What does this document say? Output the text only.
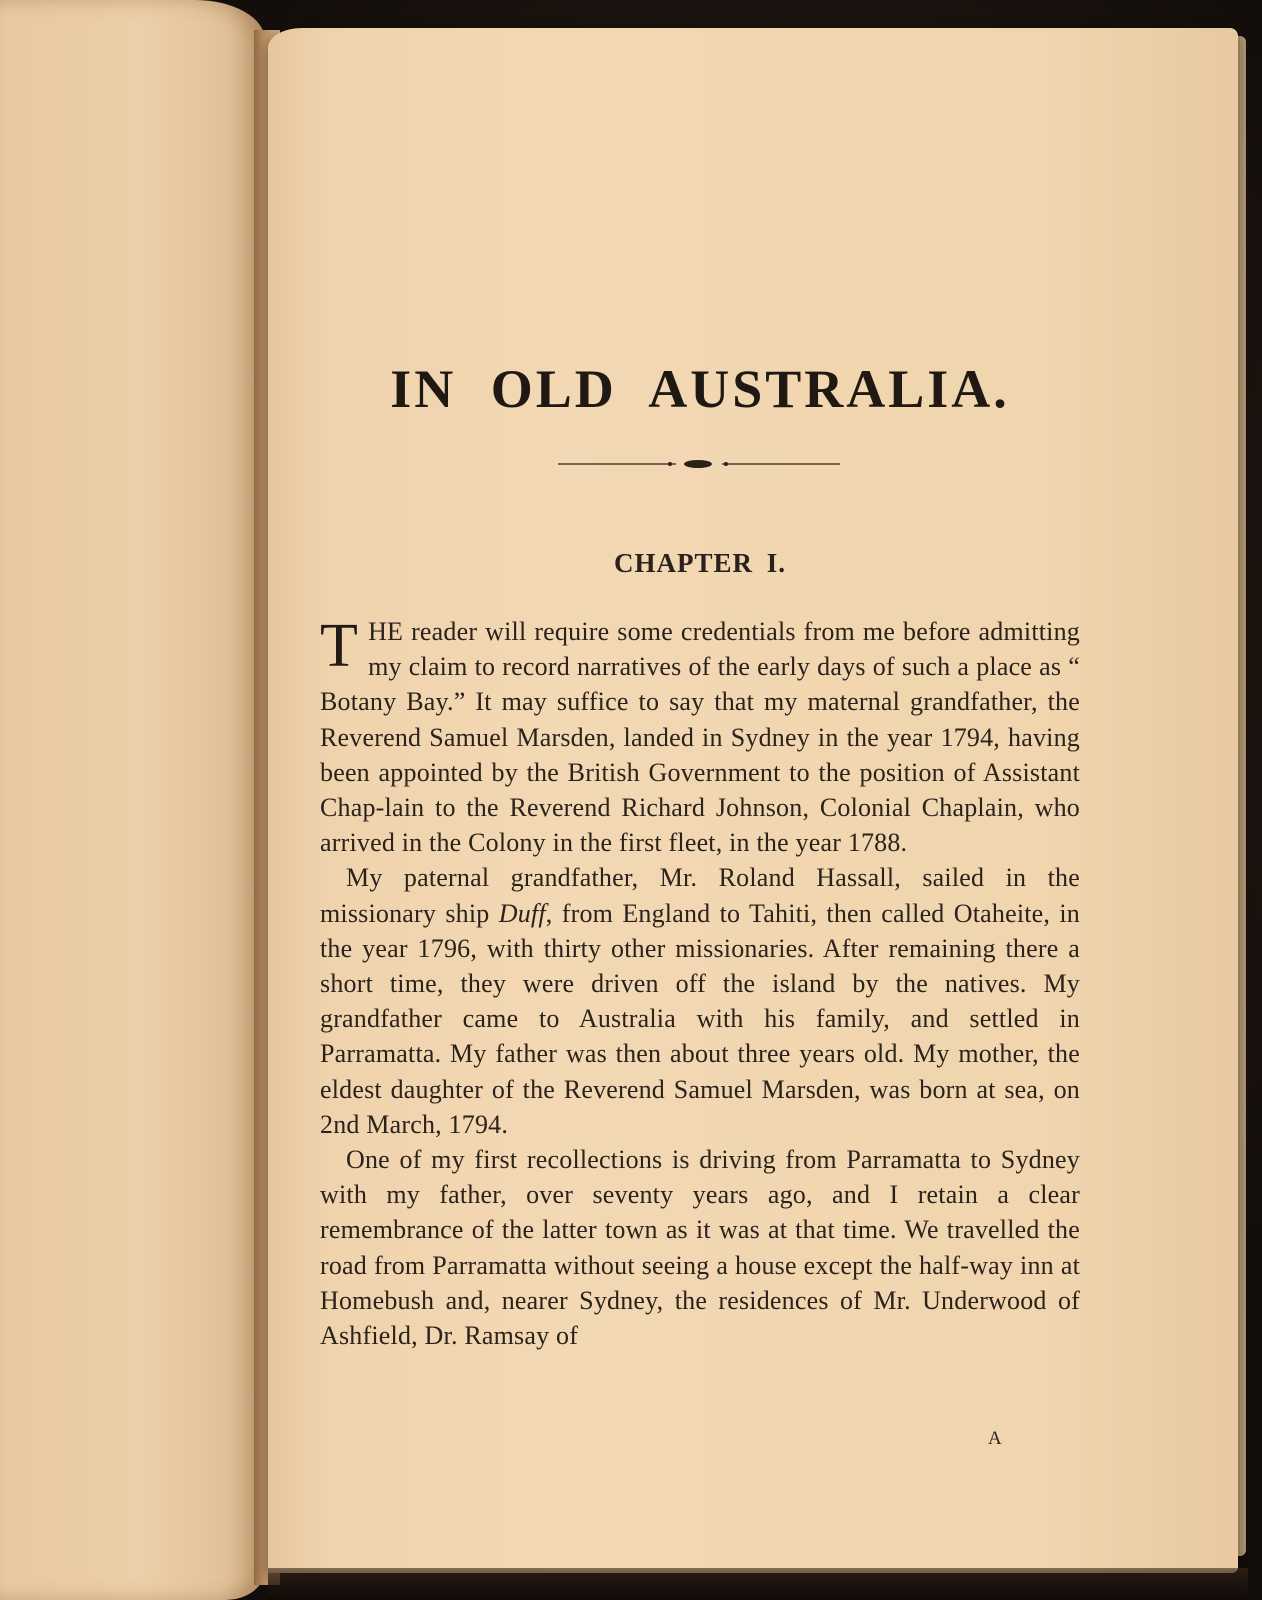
IN OLD AUSTRALIA.
CHAPTER I.

THE reader will require some credentials from me before admitting my claim to record narratives of the early days of such a place as “ Botany Bay.” It may suffice to say that my maternal grandfather, the Reverend Samuel Marsden, landed in Sydney in the year 1794, having been appointed by the British Government to the position of Assistant Chap-lain to the Reverend Richard Johnson, Colonial Chaplain, who arrived in the Colony in the first fleet, in the year 1788.

My paternal grandfather, Mr. Roland Hassall, sailed in the missionary ship Duff, from England to Tahiti, then called Otaheite, in the year 1796, with thirty other missionaries. After remaining there a short time, they were driven off the island by the natives. My grandfather came to Australia with his family, and settled in Parramatta. My father was then about three years old. My mother, the eldest daughter of the Reverend Samuel Marsden, was born at sea, on 2nd March, 1794.

One of my first recollections is driving from Parramatta to Sydney with my father, over seventy years ago, and I retain a clear remembrance of the latter town as it was at that time. We travelled the road from Parramatta without seeing a house except the half-way inn at Homebush and, nearer Sydney, the residences of Mr. Underwood of Ashfield, Dr. Ramsay of

A
